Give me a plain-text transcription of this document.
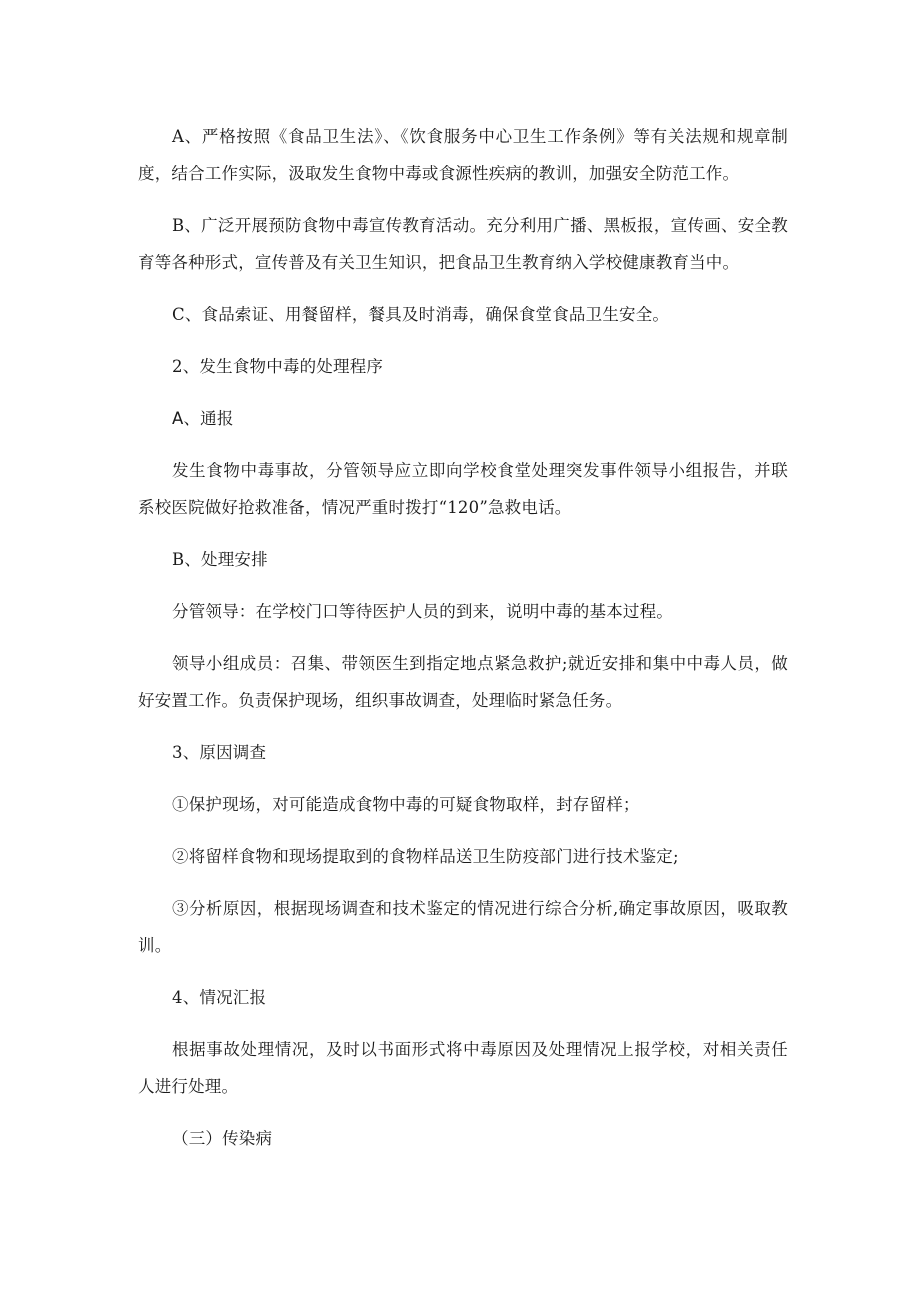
A、严格按照《食品卫生法》、《饮食服务中心卫生工作条例》等有关法规和规章制度，结合工作实际，汲取发生食物中毒或食源性疾病的教训，加强安全防范工作。

B、广泛开展预防食物中毒宣传教育活动。充分利用广播、黑板报，宣传画、安全教育等各种形式，宣传普及有关卫生知识，把食品卫生教育纳入学校健康教育当中。

C、食品索证、用餐留样，餐具及时消毒，确保食堂食品卫生安全。

2、发生食物中毒的处理程序

A、通报

发生食物中毒事故，分管领导应立即向学校食堂处理突发事件领导小组报告，并联系校医院做好抢救准备，情况严重时拨打“120”急救电话。

B、处理安排

分管领导：在学校门口等待医护人员的到来，说明中毒的基本过程。

领导小组成员：召集、带领医生到指定地点紧急救护;就近安排和集中中毒人员，做好安置工作。负责保护现场，组织事故调查，处理临时紧急任务。

3、原因调查

①保护现场，对可能造成食物中毒的可疑食物取样，封存留样；

②将留样食物和现场提取到的食物样品送卫生防疫部门进行技术鉴定;

③分析原因，根据现场调查和技术鉴定的情况进行综合分析,确定事故原因，吸取教训。

4、情况汇报

根据事故处理情况，及时以书面形式将中毒原因及处理情况上报学校，对相关责任人进行处理。

（三）传染病
